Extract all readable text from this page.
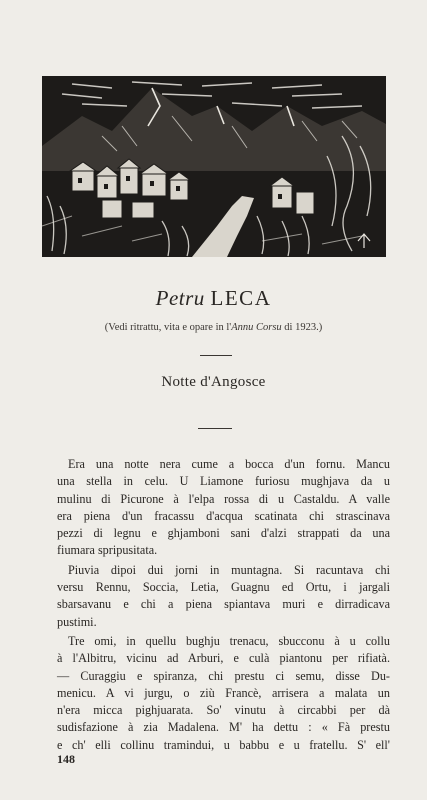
Petru LECA
(Vedi ritrattu, vita e opare in l'Annu Corsu di 1923.)
Notte d'Angosce
Era una notte nera cume a bocca d'un fornu. Mancu
una stella in celu. U Liamone furiosu mughjava da u
mulinu di Picurone à l'elpa rossa di u Castaldu. A valle
era piena d'un fracassu d'acqua scatinata chi strascinava
pezzi di legnu e ghjamboni sani d'alzi strappati da una
fiumara spripusitata.
Piuvia dipoi dui jorni in muntagna. Si racuntava chi
versu Rennu, Soccia, Letia, Guagnu ed Ortu, i jargali
sbarsavanu e chi a piena spiantava muri e dirradicava
pustimi.
Tre omi, in quellu bughju trenacu, sbucconu à u collu
à l'Albitru, vicinu ad Arburi, e culà piantonu per rifiatà.
— Curaggiu e spiranza, chi prestu ci semu, disse Du-
menicu. A vi jurgu, o ziù Francè, arrisera a malata un
n'era micca pighjuarata. So' vinutu à circabbi per dà
sudisfazione à zia Madalena. M' ha dettu : « Fà prestu
e ch' elli collinu tramindui, u babbu e u fratellu. S' ell'
148
